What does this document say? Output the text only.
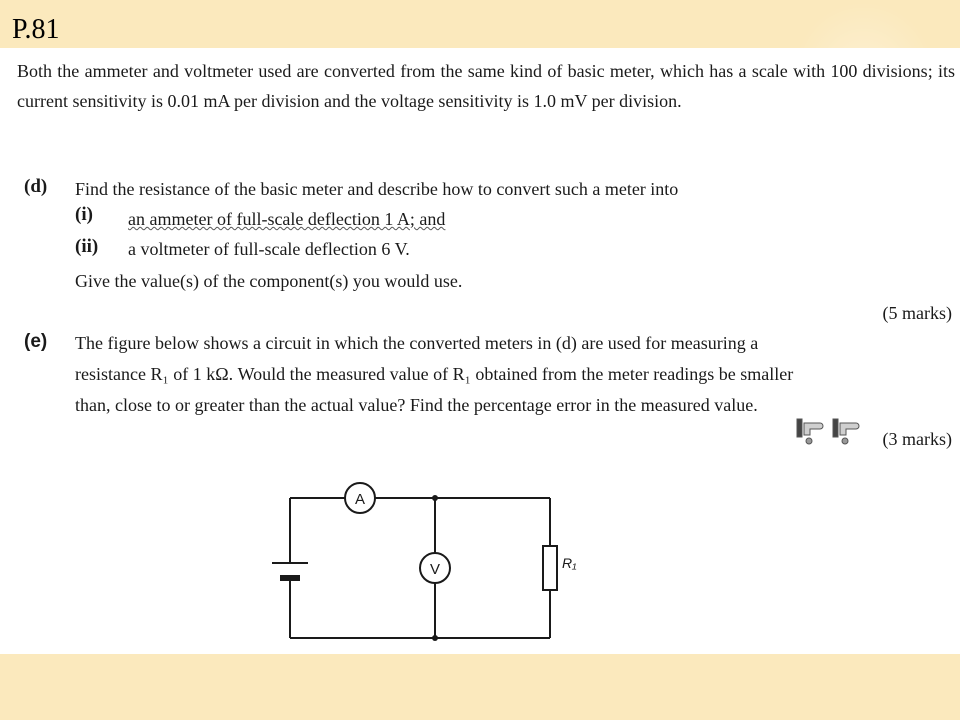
P.81
Both the ammeter and voltmeter used are converted from the same kind of basic meter, which has a scale with 100 divisions; its current sensitivity is 0.01 mA per division and the voltage sensitivity is 1.0 mV per division.
(d) Find the resistance of the basic meter and describe how to convert such a meter into
(i) an ammeter of full-scale deflection 1 A; and
(ii) a voltmeter of full-scale deflection 6 V.
Give the value(s) of the component(s) you would use.
(5 marks)
(e) The figure below shows a circuit in which the converted meters in (d) are used for measuring a
resistance R₁ of 1 kΩ. Would the measured value of R₁ obtained from the meter readings be smaller
than, close to or greater than the actual value? Find the percentage error in the measured value.
(3 marks)
A
V	R₁
